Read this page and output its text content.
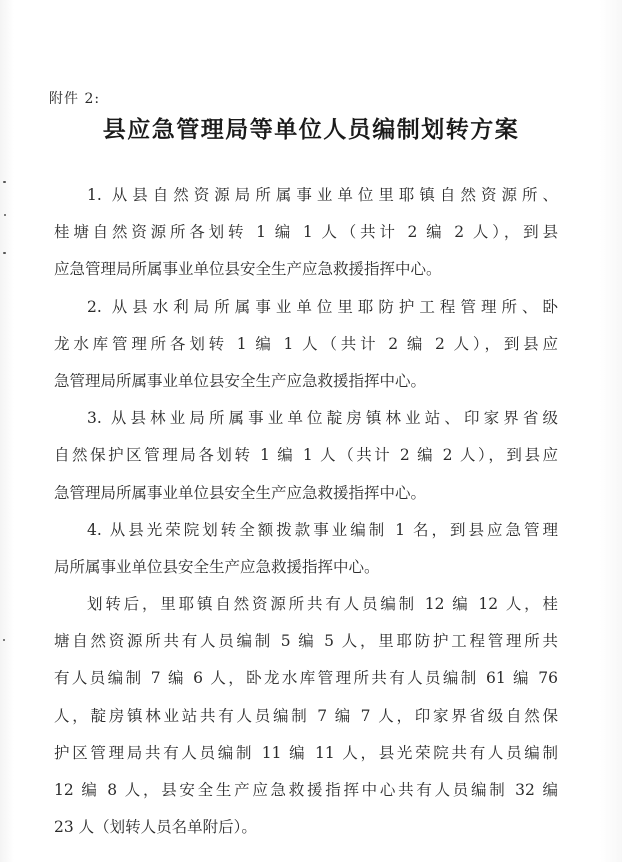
附件 2:
县应急管理局等单位人员编制划转方案
1. 从县自然资源局所属事业单位里耶镇自然资源所、
桂塘自然资源所各划转 1 编 1 人（共计 2 编 2 人），到县
应急管理局所属事业单位县安全生产应急救援指挥中心。
2. 从县水利局所属事业单位里耶防护工程管理所、卧
龙水库管理所各划转 1 编 1 人（共计 2 编 2 人），到县应
急管理局所属事业单位县安全生产应急救援指挥中心。
3. 从县林业局所属事业单位靛房镇林业站、印家界省级
自然保护区管理局各划转 1 编 1 人（共计 2 编 2 人），到县应
急管理局所属事业单位县安全生产应急救援指挥中心。
4. 从县光荣院划转全额拨款事业编制 1 名，到县应急管理
局所属事业单位县安全生产应急救援指挥中心。
划转后，里耶镇自然资源所共有人员编制 12 编 12 人，桂
塘自然资源所共有人员编制 5 编 5 人，里耶防护工程管理所共
有人员编制 7 编 6 人，卧龙水库管理所共有人员编制 61 编 76
人，靛房镇林业站共有人员编制 7 编 7 人，印家界省级自然保
护区管理局共有人员编制 11 编 11 人，县光荣院共有人员编制
12 编 8 人，县安全生产应急救援指挥中心共有人员编制 32 编
23 人（划转人员名单附后）。
